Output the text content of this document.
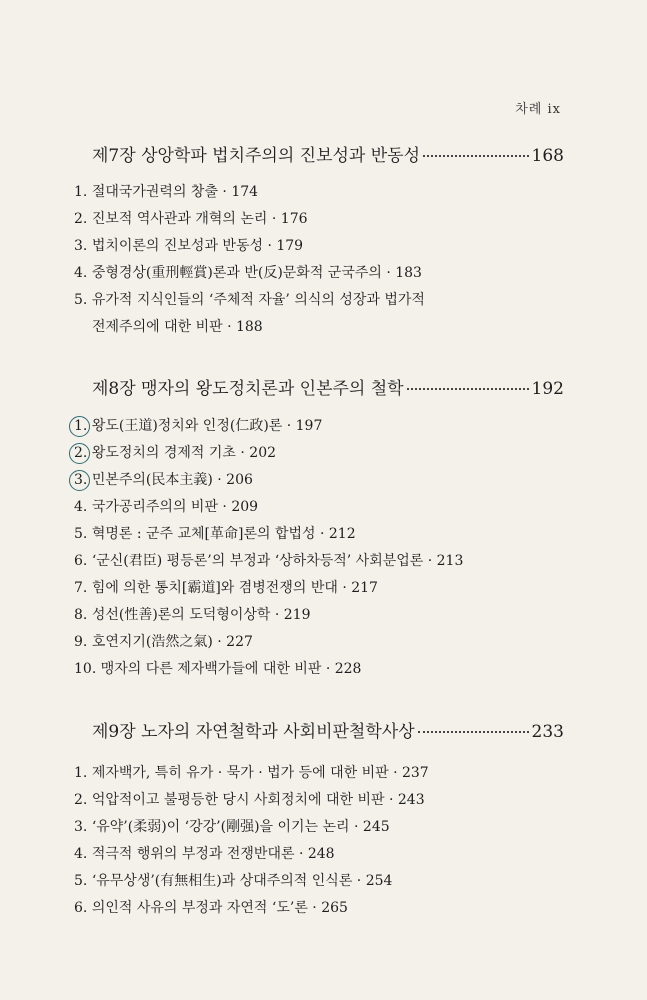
차례 ix
제7장 상앙학파 법치주의의 진보성과 반동성	168
1. 절대국가권력의 창출 · 174
2. 진보적 역사관과 개혁의 논리 · 176
3. 법치이론의 진보성과 반동성 · 179
4. 중형경상(重刑輕賞)론과 반(反)문화적 군국주의 · 183
5. 유가적 지식인들의 ‘주체적 자율’ 의식의 성장과 법가적
전제주의에 대한 비판 · 188
제8장 맹자의 왕도정치론과 인본주의 철학	192
1. 왕도(王道)정치와 인정(仁政)론 · 197
2. 왕도정치의 경제적 기초 · 202
3. 민본주의(民本主義) · 206
4. 국가공리주의의 비판 · 209
5. 혁명론 : 군주 교체[革命]론의 합법성 · 212
6. ‘군신(君臣) 평등론’의 부정과 ‘상하차등적’ 사회분업론 · 213
7. 힘에 의한 통치[霸道]와 겸병전쟁의 반대 · 217
8. 성선(性善)론의 도덕형이상학 · 219
9. 호연지기(浩然之氣) · 227
10. 맹자의 다른 제자백가들에 대한 비판 · 228
제9장 노자의 자연철학과 사회비판철학사상	233
1. 제자백가, 특히 유가 · 묵가 · 법가 등에 대한 비판 · 237
2. 억압적이고 불평등한 당시 사회정치에 대한 비판 · 243
3. ‘유약’(柔弱)이 ‘강강’(剛强)을 이기는 논리 · 245
4. 적극적 행위의 부정과 전쟁반대론 · 248
5. ‘유무상생’(有無相生)과 상대주의적 인식론 · 254
6. 의인적 사유의 부정과 자연적 ‘도’론 · 265
